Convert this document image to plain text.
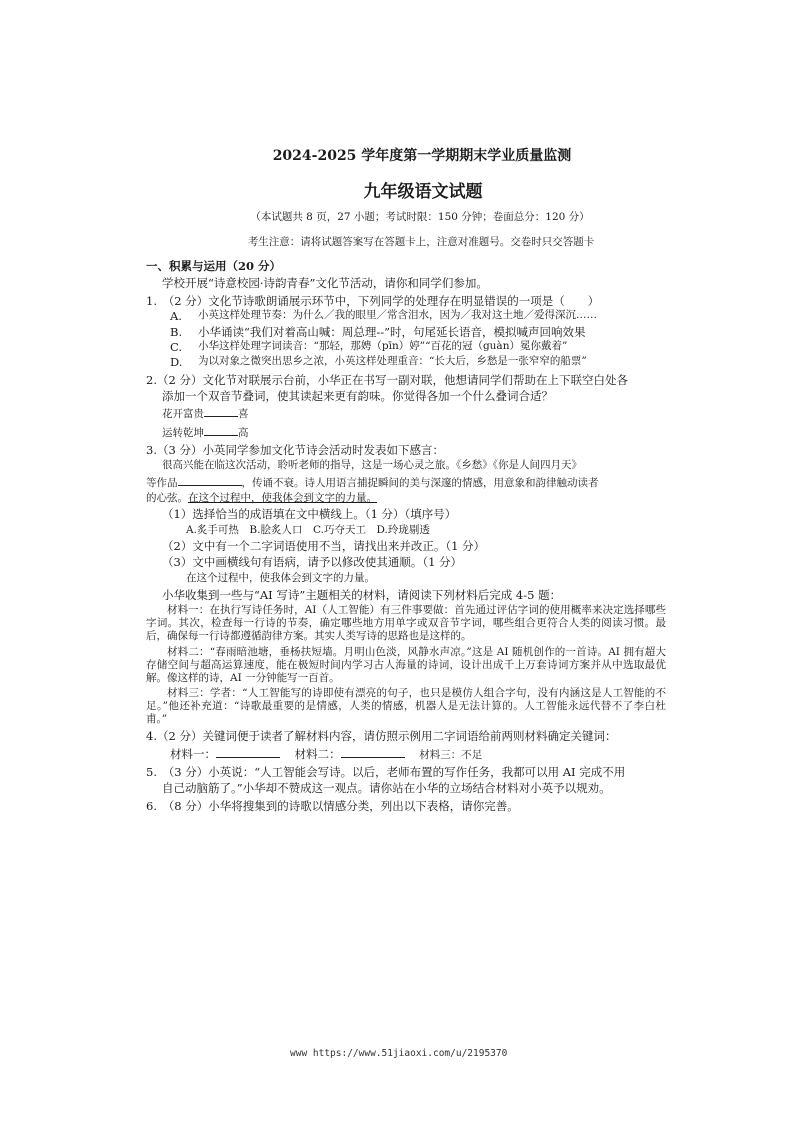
2024-2025 学年度第一学期期末学业质量监测
九年级语文试题
（本试题共 8 页，27 小题；考试时限：150 分钟；卷面总分：120 分）
考生注意：请将试题答案写在答题卡上，注意对准题号。交卷时只交答题卡
一、积累与运用（20 分）

学校开展“诗意校园·诗韵青春”文化节活动，请你和同学们参加。

1.　（2 分）文化节诗歌朗诵展示环节中，下列同学的处理存在明显错误的一项是（　　）

A.	小英这样处理节奏：为什么／我的眼里／常含泪水，因为／我对这土地／爱得深沉……
B.	小华诵读“我们对着高山喊：周总理--”时，句尾延长语音，模拟喊声回响效果
C.	小华这样处理字词读音：“那轻，那娉（pīn）婷”“百花的冠（guàn）冕你戴着”
D.	为以对象之微突出思乡之浓，小英这样处理重音：“长大后，乡愁是一张窄窄的船票”

2.（2 分）文化节对联展示台前，小华正在书写一副对联，他想请同学们帮助在上下联空白处各

添加一个双音节叠词，使其读起来更有韵味。你觉得各加一个什么叠词合适？

花开富贵	喜

运转乾坤	高

3.（3 分）小英同学参加文化节诗会活动时发表如下感言：

很高兴能在临这次活动，聆听老师的指导，这是一场心灵之旅。《乡愁》《你是人间四月天》

等作品	，传诵不衰。诗人用语言捕捉瞬间的美与深邃的情感，用意象和韵律触动读者

的心弦。在这个过程中，使我体会到文字的力量。

（1）选择恰当的成语填在文中横线上。（1 分）（填序号）

A.炙手可热　B.脍炙人口　C.巧夺天工　D.玲珑剔透

（2）文中有一个二字词语使用不当，请找出来并改正。（1 分）

（3）文中画横线句有语病，请予以修改使其通顺。（1 分）

在这个过程中，使我体会到文字的力量。

小华收集到一些与“AI 写诗”主题相关的材料，请阅读下列材料后完成 4-5 题：

材料一：在执行写诗任务时，AI（人工智能）有三件事要做：首先通过评估字词的使用概率来决定选择哪些字词。其次，检查每一行诗的节奏，确定哪些地方用单字或双音节字词，哪些组合更符合人类的阅读习惯。最后，确保每一行诗都遵循韵律方案。其实人类写诗的思路也是这样的。

材料二：“春雨暗池塘，垂杨扶短墙。月明山色淡，风静水声凉。”这是 AI 随机创作的一首诗。AI 拥有超大存储空间与超高运算速度，能在极短时间内学习古人海量的诗词，设计出成千上万套诗词方案并从中选取最优解。像这样的诗，AI 一分钟能写一百首。

材料三：学者：“人工智能写的诗即使有漂亮的句子，也只是模仿人组合字句，没有内涵这是人工智能的不足。”他还补充道：“诗歌最重要的是情感，人类的情感，机器人是无法计算的。人工智能永远代替不了李白杜甫。”

4.（2 分）关键词便于读者了解材料内容，请仿照示例用二字词语给前两则材料确定关键词：

材料一：	材料二：	材料三：不足

5.　（3 分）小英说：“人工智能会写诗。以后，老师布置的写作任务，我都可以用 AI 完成不用

自己动脑筋了。”小华却不赞成这一观点。请你站在小华的立场结合材料对小英予以规劝。

6.　（8 分）小华将搜集到的诗歌以情感分类，列出以下表格，请你完善。

www https://www.51jiaoxi.com/u/2195370
